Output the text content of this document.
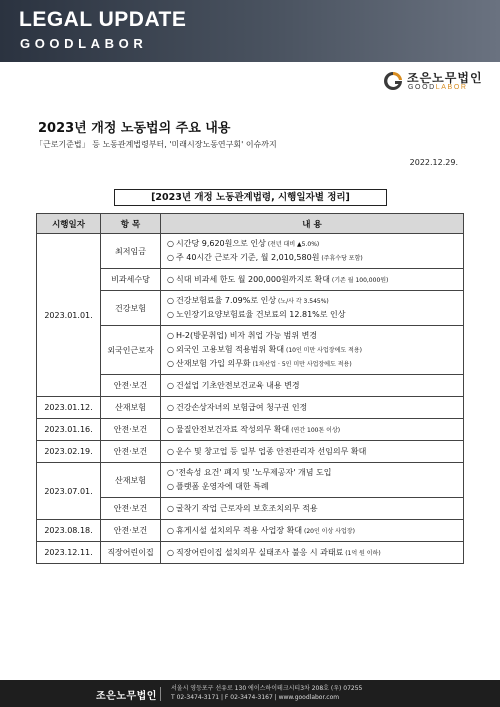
LEGAL UPDATE
GOODLABOR
조은노무법인
GOODLABOR
2023년 개정 노동법의 주요 내용
「근로기준법」 등 노동관계법령부터, '미래시장노동연구회' 이슈까지
2022.12.29.
[2023년 개정 노동관계법령, 시행일자별 정리]
시행일자	항 목	내 용
2023.01.01.	최저임금	○ 시간당 9,620원으로 인상 (전년 대비 ▲5.0%)
○ 주 40시간 근로자 기준, 월 2,010,580원 (주휴수당 포함)

	비과세수당	○ 식대 비과세 한도 월 200,000원까지로 확대 (기존 월 100,000원)

	건강보험	○ 건강보험료율 7.09%로 인상 (노/사 각 3.545%)
○ 노인장기요양보험료율 건보료의 12.81%로 인상

	외국인근로자	○ H-2(방문취업) 비자 취업 가능 범위 변경
○ 외국인 고용보험 적용범위 확대 (10인 미만 사업장에도 적용)
○ 산재보험 가입 의무화 (1차산업 · 5인 미만 사업장에도 적용)

	안전·보건	○ 건설업 기초안전보건교육 내용 변경

2023.01.12.	산재보험	○ 건강손상자녀의 보험급여 청구권 인정

2023.01.16.	안전·보건	○ 물질안전보건자료 작성의무 확대 (연간 100톤 이상)

2023.02.19.	안전·보건	○ 운수 및 창고업 등 일부 업종 안전관리자 선임의무 확대

2023.07.01.	산재보험	○ '전속성 요건' 폐지 및 '노무제공자' 개념 도입
○ 플랫폼 운영자에 대한 특례

	안전·보건	○ 굴착기 작업 근로자의 보호조치의무 적용

2023.08.18.	안전·보건	○ 휴게시설 설치의무 적용 사업장 확대 (20인 이상 사업장)

2023.12.11.	직장어린이집	○ 직장어린이집 설치의무 실태조사 불응 시 과태료 (1억 원 이하)
조은노무법인
서울시 영등포구 선유로 130 에이스하이테크시티3차 208호 (우) 07255
T 02-3474-3171 | F 02-3474-3167 | www.goodlabor.com
